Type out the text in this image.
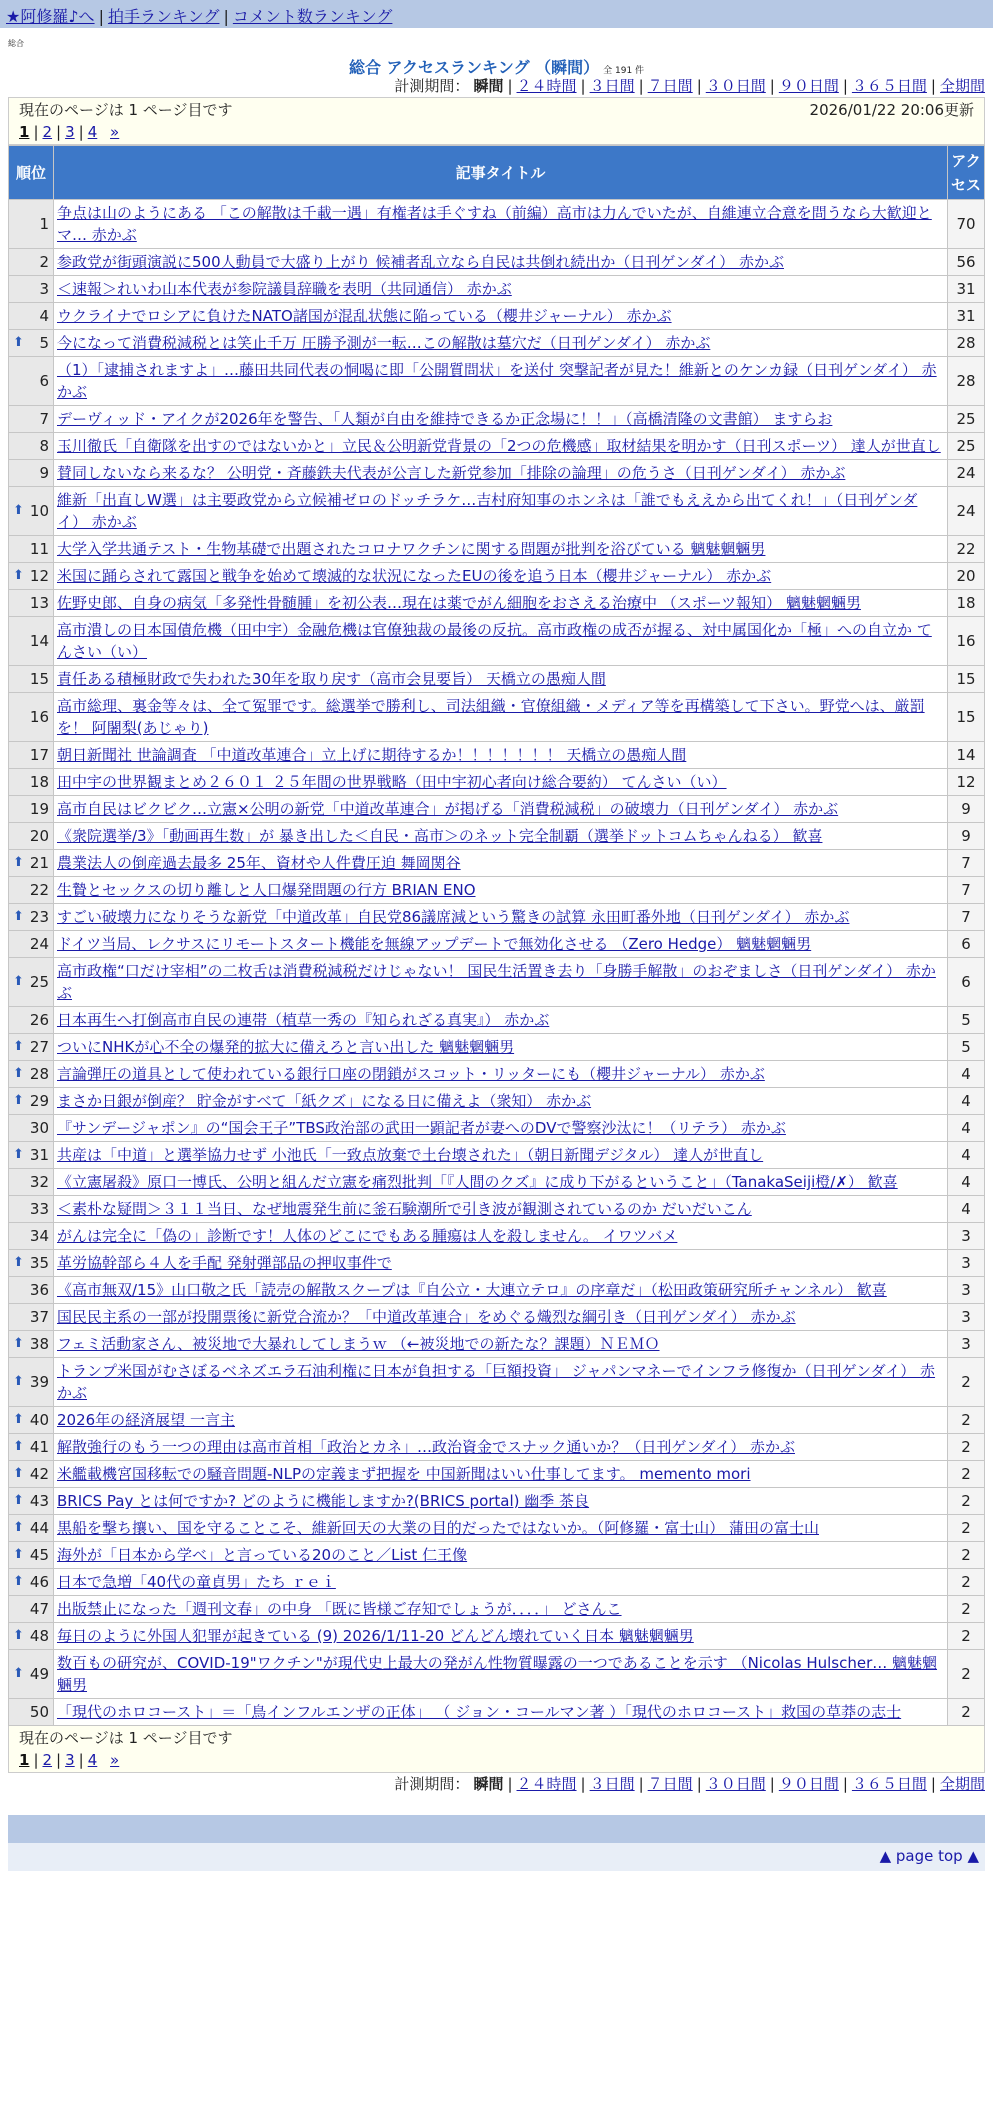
★阿修羅♪へ | 拍手ランキング | コメント数ランキング
総合
総合 アクセスランキング （瞬間） 全 191 件
計測期間： 瞬間 | ２４時間 | ３日間 | ７日間 | ３０日間 | ９０日間 | ３６５日間 | 全期間
現在のページは 1 ページ目です	2026/01/22 20:06更新
1 | 2 | 3 | 4 »
順位	記事タイトル	アクセス
1	争点は山のようにある 「この解散は千載一遇」有権者は手ぐすね（前編）高市は力んでいたが、自維連立合意を問うなら大歓迎とマ… 赤かぶ	70
2	参政党が街頭演説に500人動員で大盛り上がり 候補者乱立なら自民は共倒れ続出か（日刊ゲンダイ） 赤かぶ	56
3	＜速報＞れいわ山本代表が参院議員辞職を表明（共同通信） 赤かぶ	31
4	ウクライナでロシアに負けたNATO諸国が混乱状態に陥っている（櫻井ジャーナル） 赤かぶ	31

⬆ 5	今になって消費税減税とは笑止千万 圧勝予測が一転…この解散は墓穴だ（日刊ゲンダイ） 赤かぶ	28
6	（1）「逮捕されますよ」…藤田共同代表の恫喝に即「公開質問状」を送付 突撃記者が見た！維新とのケンカ録（日刊ゲンダイ） 赤かぶ	28
7	デーヴィッド・アイクが2026年を警告、「人類が自由を維持できるか正念場に！！」（高橋清隆の文書館） ますらお	25
8	玉川徹氏「自衛隊を出すのではないかと」立民＆公明新党背景の「2つの危機感」取材結果を明かす（日刊スポーツ） 達人が世直し	25
9	賛同しないなら来るな？ 公明党・斉藤鉄夫代表が公言した新党参加「排除の論理」の危うさ（日刊ゲンダイ） 赤かぶ	24

⬆ 10	維新「出直しW選」は主要政党から立候補ゼロのドッチラケ…吉村府知事のホンネは「誰でもええから出てくれ！」（日刊ゲンダイ） 赤かぶ	24
11	大学入学共通テスト・生物基礎で出題されたコロナワクチンに関する問題が批判を浴びている 魑魅魍魎男	22

⬆ 12	米国に踊らされて露国と戦争を始めて壊滅的な状況になったEUの後を追う日本（櫻井ジャーナル） 赤かぶ	20
13	佐野史郎、自身の病気「多発性骨髄腫」を初公表…現在は薬でがん細胞をおさえる治療中 （スポーツ報知） 魑魅魍魎男	18
14	高市潰しの日本国債危機（田中宇）金融危機は官僚独裁の最後の反抗。高市政権の成否が握る、対中属国化か「極」への自立か てんさい（い）	16
15	責任ある積極財政で失われた30年を取り戻す（高市会見要旨） 天橋立の愚痴人間	15
16	高市総理、裏金等々は、全て冤罪です。総選挙で勝利し、司法組織・官僚組織・メディア等を再構築して下さい。野党へは、厳罰を！ 阿闍梨(あじゃり)	15
17	朝日新聞社 世論調査 「中道改革連合」立上げに期待するか！！！！！！！ 天橋立の愚痴人間	14
18	田中宇の世界観まとめ２６０１ ２５年間の世界戦略（田中宇初心者向け総合要約） てんさい（い）	12
19	高市自民はビクビク…立憲×公明の新党「中道改革連合」が掲げる「消費税減税」の破壊力（日刊ゲンダイ） 赤かぶ	9
20	《衆院選挙/3》「動画再生数」が 暴き出した＜自民・高市＞のネット完全制覇（選挙ドットコムちゃんねる） 歓喜	9

⬆ 21	農業法人の倒産過去最多 25年、資材や人件費圧迫 舞岡関谷	7
22	生贄とセックスの切り離しと人口爆発問題の行方 BRIAN ENO	7

⬆ 23	すごい破壊力になりそうな新党「中道改革」自民党86議席減という驚きの試算 永田町番外地（日刊ゲンダイ） 赤かぶ	7
24	ドイツ当局、レクサスにリモートスタート機能を無線アップデートで無効化させる （Zero Hedge） 魑魅魍魎男	6

⬆ 25	高市政権“口だけ宰相”の二枚舌は消費税減税だけじゃない！ 国民生活置き去り「身勝手解散」のおぞましさ（日刊ゲンダイ） 赤かぶ	6
26	日本再生へ打倒高市自民の連帯（植草一秀の『知られざる真実』） 赤かぶ	5

⬆ 27	ついにNHKが心不全の爆発的拡大に備えろと言い出した 魑魅魍魎男	5

⬆ 28	言論弾圧の道具として使われている銀行口座の閉鎖がスコット・リッターにも（櫻井ジャーナル） 赤かぶ	4

⬆ 29	まさか日銀が倒産？ 貯金がすべて「紙クズ」になる日に備えよ（衆知） 赤かぶ	4
30	『サンデージャポン』の“国会王子”TBS政治部の武田一顕記者が妻へのDVで警察沙汰に！（リテラ） 赤かぶ	4

⬆ 31	共産は「中道」と選挙協力せず 小池氏「一致点放棄で土台壊された」（朝日新聞デジタル） 達人が世直し	4
32	《立憲屠殺》原口一博氏、公明と組んだ立憲を痛烈批判「『人間のクズ』に成り下がるということ」（TanakaSeiji橙/✗） 歓喜	4
33	＜素朴な疑問＞３１１当日、なぜ地震発生前に釜石験潮所で引き波が観測されているのか だいだいこん	4
34	がんは完全に「偽の」診断です！人体のどこにでもある腫瘍は人を殺しません。 イワツバメ	3

⬆ 35	革労協幹部ら４人を手配 発射弾部品の押収事件で	3
36	《高市無双/15》山口敬之氏「読売の解散スクープは『自公立・大連立テロ』の序章だ」（松田政策研究所チャンネル） 歓喜	3
37	国民民主系の一部が投開票後に新党合流か？「中道改革連合」をめぐる熾烈な綱引き（日刊ゲンダイ） 赤かぶ	3

⬆ 38	フェミ活動家さん、被災地で大暴れしてしまうｗ （←被災地での新たな？課題）ＮＥＭＯ	3

⬆ 39	トランプ米国がむさぼるベネズエラ石油利権に日本が負担する「巨額投資」 ジャパンマネーでインフラ修復か（日刊ゲンダイ） 赤かぶ	2

⬆ 40	2026年の経済展望 一言主	2

⬆ 41	解散強行のもう一つの理由は高市首相「政治とカネ」…政治資金でスナック通いか？（日刊ゲンダイ） 赤かぶ	2

⬆ 42	米艦載機宮国移転での騒音問題-NLPの定義まず把握を 中国新聞はいい仕事してます。 memento mori	2

⬆ 43	BRICS Pay とは何ですか? どのように機能しますか?(BRICS portal) 幽季 茶良	2

⬆ 44	黒船を撃ち攘い、国を守ることこそ、維新回天の大業の目的だったではないか。（阿修羅・富士山） 蒲田の富士山	2

⬆ 45	海外が「日本から学べ」と言っている20のこと／List 仁王像	2

⬆ 46	日本で急増「40代の童貞男」たち ｒｅｉ	2
47	出版禁止になった「週刊文春」の中身 「既に皆様ご存知でしょうが．．．．」 どさんこ	2

⬆ 48	毎日のように外国人犯罪が起きている (9) 2026/1/11-20 どんどん壊れていく日本 魑魅魍魎男	2

⬆ 49	数百もの研究が、COVID-19"ワクチン"が現代史上最大の発がん性物質曝露の一つであることを示す （Nicolas Hulscher… 魑魅魍魎男	2
50	「現代のホロコースト」＝「鳥インフルエンザの正体」 （ ジョン・コールマン著 ）「現代のホロコースト」救国の草莽の志士	2
現在のページは 1 ページ目です
1 | 2 | 3 | 4 »
計測期間： 瞬間 | ２４時間 | ３日間 | ７日間 | ３０日間 | ９０日間 | ３６５日間 | 全期間
▲ page top ▲
